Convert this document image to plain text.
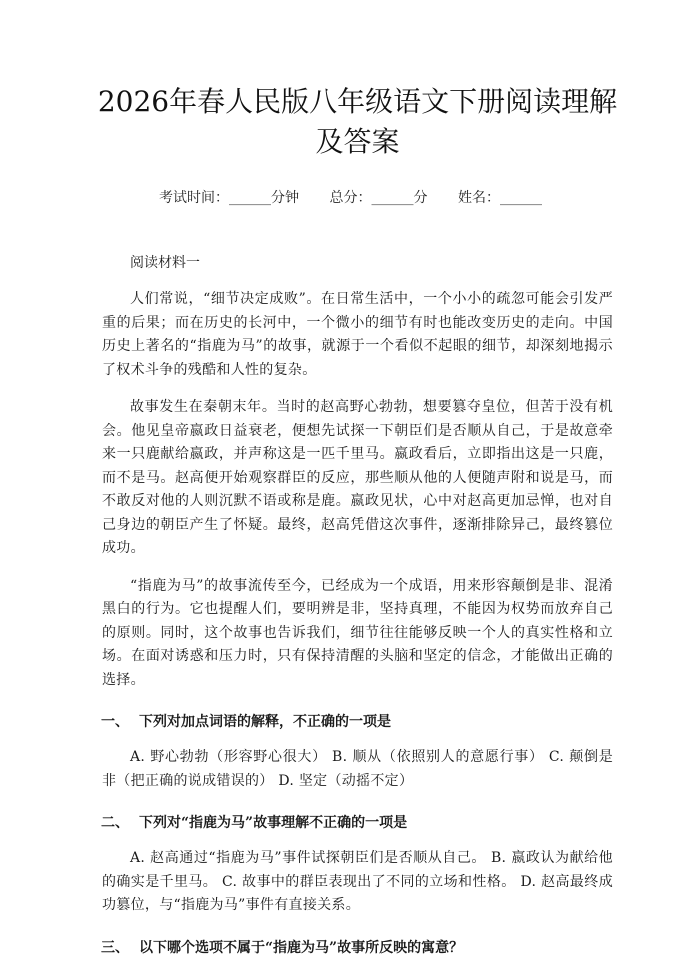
2026年春人民版八年级语文下册阅读理解及答案
考试时间：______分钟 总分：______分 姓名：______
阅读材料一

人们常说，“细节决定成败”。在日常生活中，一个小小的疏忽可能会引发严重的后果；而在历史的长河中，一个微小的细节有时也能改变历史的走向。中国历史上著名的“指鹿为马”的故事，就源于一个看似不起眼的细节，却深刻地揭示了权术斗争的残酷和人性的复杂。

故事发生在秦朝末年。当时的赵高野心勃勃，想要篡夺皇位，但苦于没有机会。他见皇帝嬴政日益衰老，便想先试探一下朝臣们是否顺从自己，于是故意牵来一只鹿献给嬴政，并声称这是一匹千里马。嬴政看后，立即指出这是一只鹿，而不是马。赵高便开始观察群臣的反应，那些顺从他的人便随声附和说是马，而不敢反对他的人则沉默不语或称是鹿。嬴政见状，心中对赵高更加忌惮，也对自己身边的朝臣产生了怀疑。最终，赵高凭借这次事件，逐渐排除异己，最终篡位成功。

“指鹿为马”的故事流传至今，已经成为一个成语，用来形容颠倒是非、混淆黑白的行为。它也提醒人们，要明辨是非，坚持真理，不能因为权势而放弃自己的原则。同时，这个故事也告诉我们，细节往往能够反映一个人的真实性格和立场。在面对诱惑和压力时，只有保持清醒的头脑和坚定的信念，才能做出正确的选择。

一、 下列对加点词语的解释，不正确的一项是

A. 野心勃勃（形容野心很大） B. 顺从（依照别人的意愿行事） C. 颠倒是非（把正确的说成错误的） D. 坚定（动摇不定）

二、 下列对“指鹿为马”故事理解不正确的一项是

A. 赵高通过“指鹿为马”事件试探朝臣们是否顺从自己。 B. 嬴政认为献给他的确实是千里马。 C. 故事中的群臣表现出了不同的立场和性格。 D. 赵高最终成功篡位，与“指鹿为马”事件有直接关系。

三、 以下哪个选项不属于“指鹿为马”故事所反映的寓意？
